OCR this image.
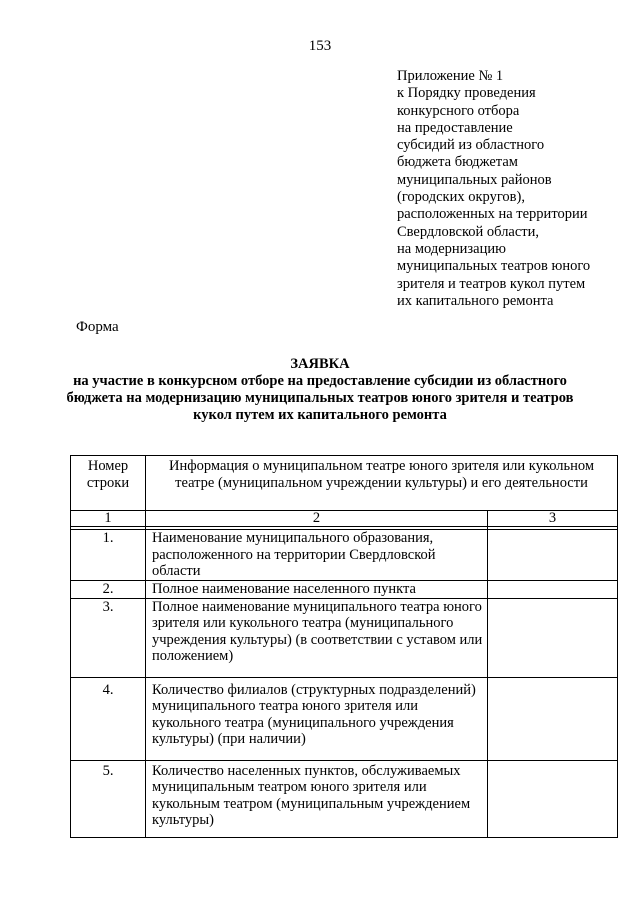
153
Приложение № 1
к Порядку проведения
конкурсного отбора
на предоставление
субсидий из областного
бюджета бюджетам
муниципальных районов
(городских округов),
расположенных на территории
Свердловской области,
на модернизацию
муниципальных театров юного
зрителя и театров кукол путем
их капитального ремонта
Форма
ЗАЯВКА
на участие в конкурсном отборе на предоставление субсидии из областного
бюджета на модернизацию муниципальных театров юного зрителя и театров
кукол путем их капитального ремонта
Номер строки	Информация о муниципальном театре юного зрителя или кукольном театре (муниципальном учреждении культуры) и его деятельности	
1	2	3

1.	Наименование муниципального образования, расположенного на территории Свердловской области	
2.	Полное наименование населенного пункта	
3.	Полное наименование муниципального театра юного зрителя или кукольного театра (муниципального учреждения культуры) (в соответствии с уставом или положением)	
4.	Количество филиалов (структурных подразделений) муниципального театра юного зрителя или кукольного театра (муниципального учреждения культуры) (при наличии)	
5.	Количество населенных пунктов, обслуживаемых муниципальным театром юного зрителя или кукольным театром (муниципальным учреждением культуры)	
